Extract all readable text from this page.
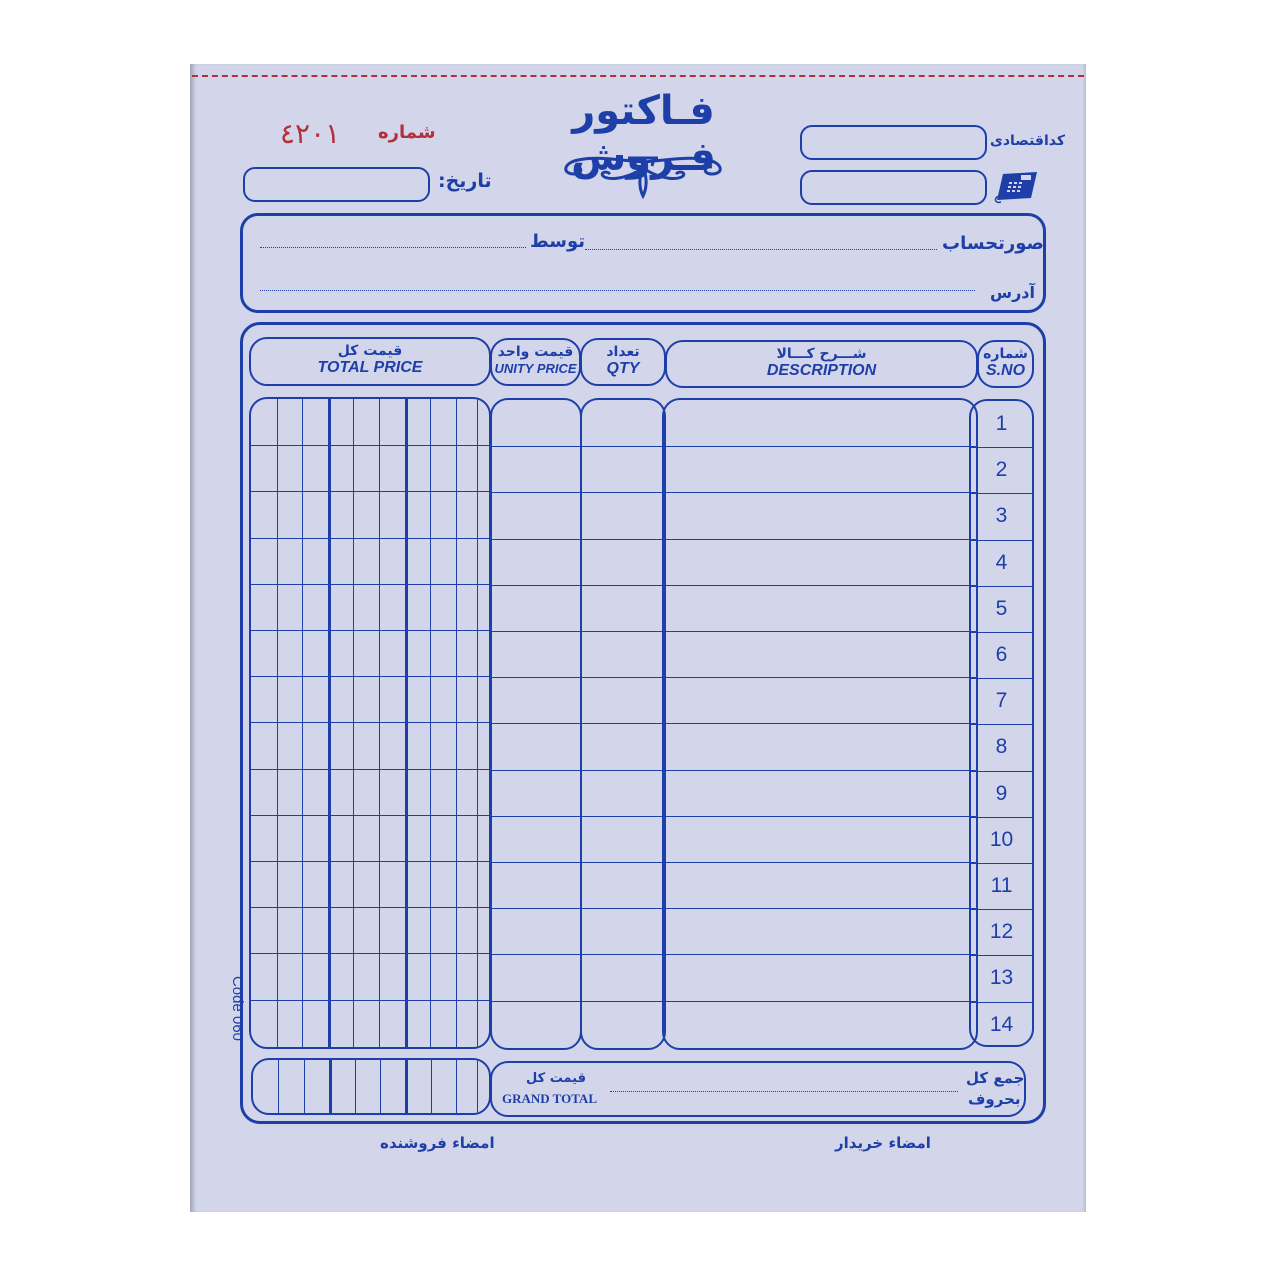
فـاکتور فـروش
شماره
٤٢٠١
تاریخ:
کداقتصادی
صورتحساب
توسط
آدرس
شماره
S.NO
شـــرح کـــالا
DESCRIPTION
تعداد
QTY
قیمت واحد
UNITY PRICE
قیمت کل
TOTAL PRICE
1
2
3
4
5
6
7
8
9
10
11
12
13
14
قیمت کل
GRAND TOTAL
جمع کل
بحروف
امضاء خریدار
امضاء فروشنده
Code 060
